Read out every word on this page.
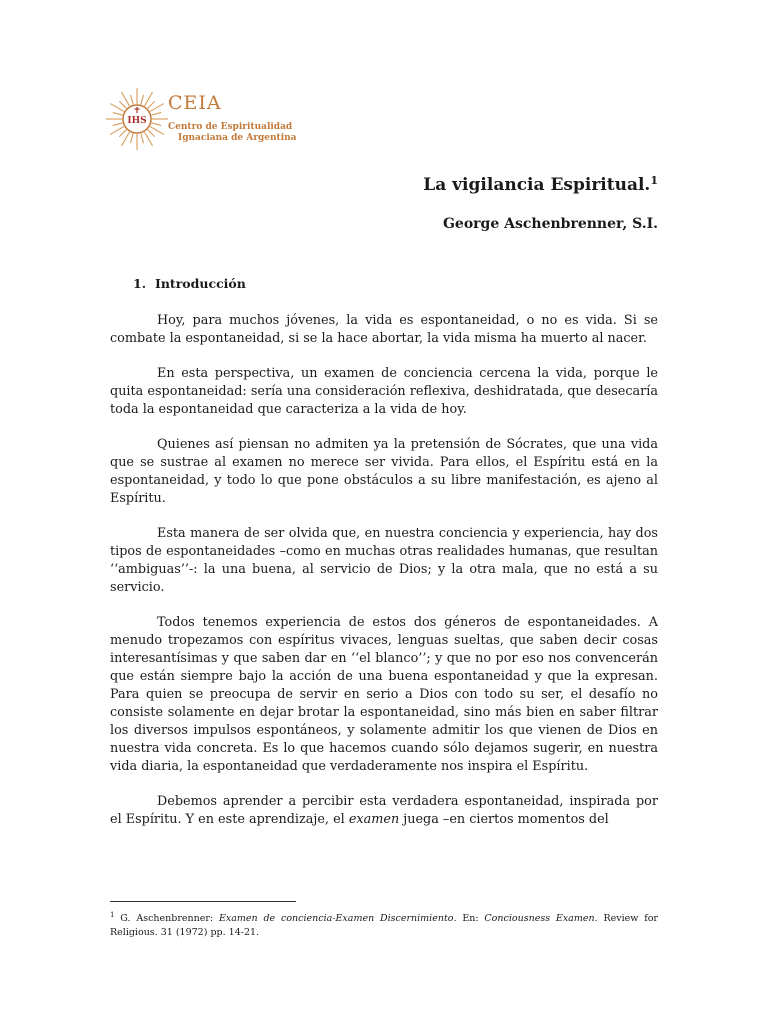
IHS
CEIA
Centro de Espiritualidad
Ignaciana de Argentina
La vigilancia Espiritual.$^1$
George Aschenbrenner, S.I.
1. Introducción

Hoy, para muchos jóvenes, la vida es espontaneidad, o no es vida. Si se combate la espontaneidad, si se la hace abortar, la vida misma ha muerto al nacer.

En esta perspectiva, un examen de conciencia cercena la vida, porque le quita espontaneidad: sería una consideración reflexiva, deshidratada, que desecaría toda la espontaneidad que caracteriza a la vida de hoy.

Quienes así piensan no admiten ya la pretensión de Sócrates, que una vida que se sustrae al examen no merece ser vivida. Para ellos, el Espíritu está en la espontaneidad, y todo lo que pone obstáculos a su libre manifestación, es ajeno al Espíritu.

Esta manera de ser olvida que, en nuestra conciencia y experiencia, hay dos tipos de espontaneidades –como en muchas otras realidades humanas, que resultan ‘‘ambiguas’’-: la una buena, al servicio de Dios; y la otra mala, que no está a su servicio.

Todos tenemos experiencia de estos dos géneros de espontaneidades. A menudo tropezamos con espíritus vivaces, lenguas sueltas, que saben decir cosas interesantísimas y que saben dar en ‘‘el blanco’’; y que no por eso nos convencerán que están siempre bajo la acción de una buena espontaneidad y que la expresan. Para quien se preocupa de servir en serio a Dios con todo su ser, el desafío no consiste solamente en dejar brotar la espontaneidad, sino más bien en saber filtrar los diversos impulsos espontáneos, y solamente admitir los que vienen de Dios en nuestra vida concreta. Es lo que hacemos cuando sólo dejamos sugerir, en nuestra vida diaria, la espontaneidad que verdaderamente nos inspira el Espíritu.

Debemos aprender a percibir esta verdadera espontaneidad, inspirada por el Espíritu. Y en este aprendizaje, el examen juega –en ciertos momentos del

$^1$ G. Aschenbrenner: Examen de conciencia-Examen Discernimiento. En: Conciousness Examen. Review for Religious. 31 (1972) pp. 14-21.
